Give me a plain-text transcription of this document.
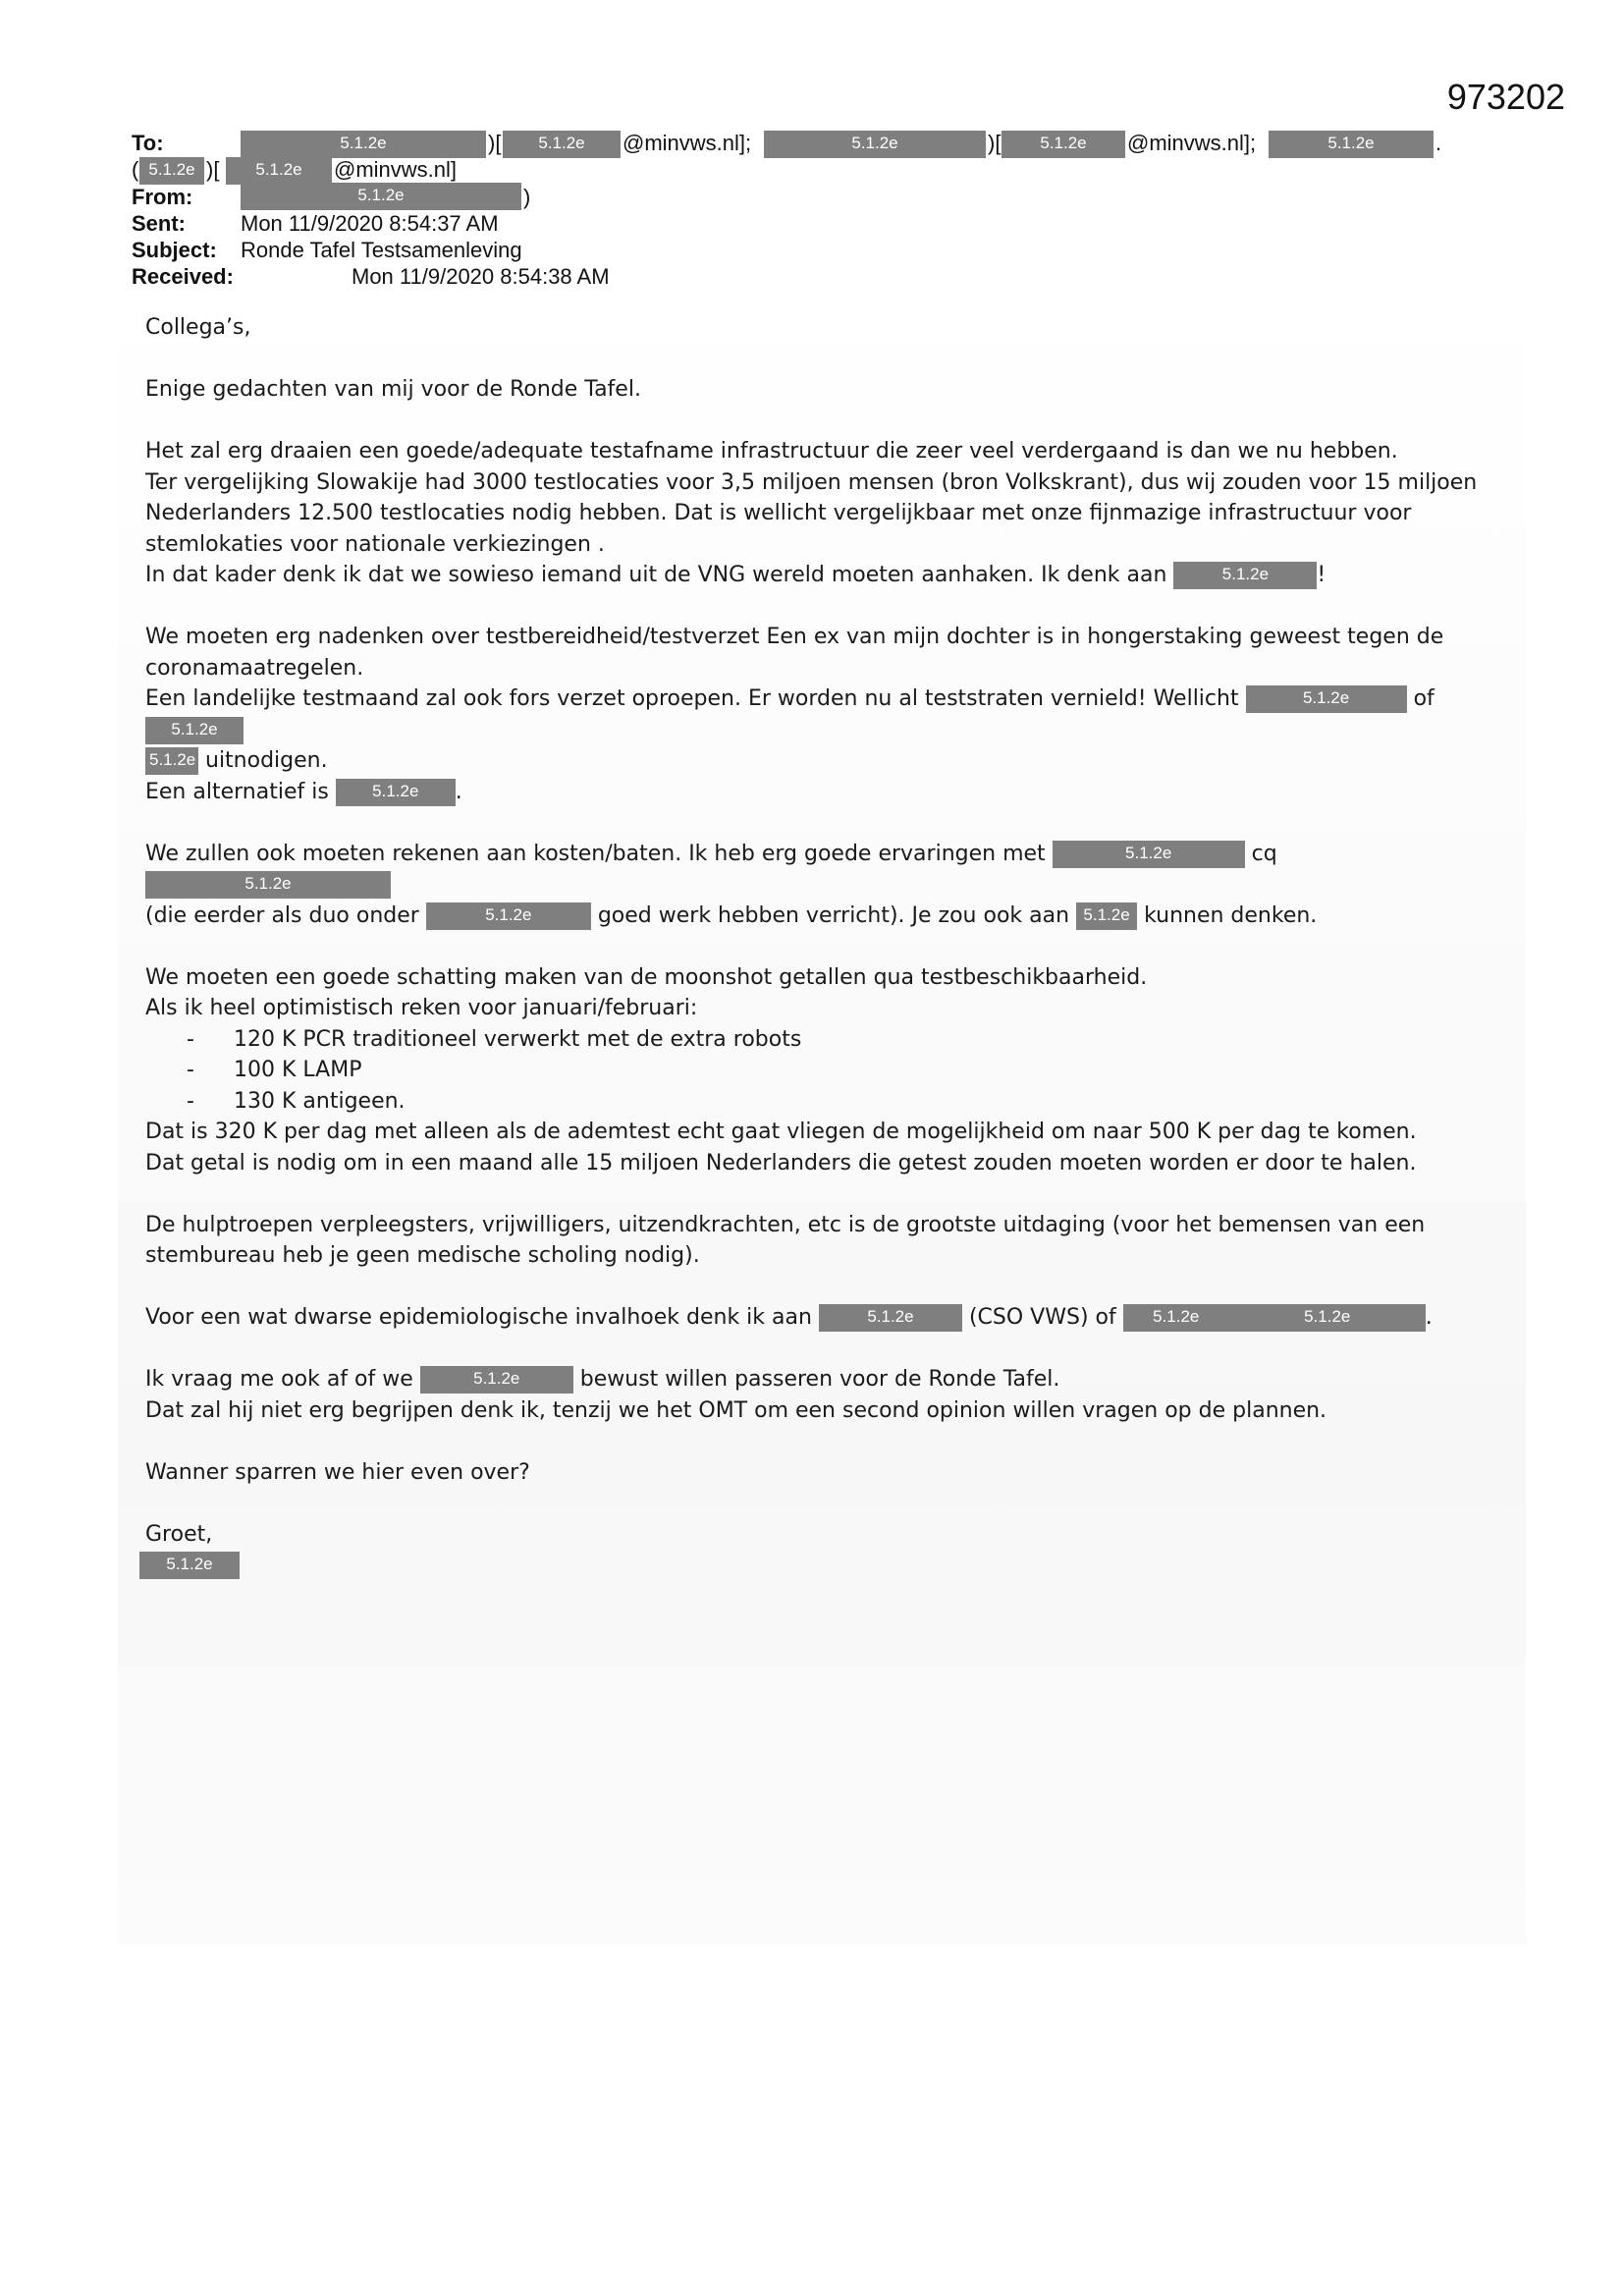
973202
To:	5.1.2e	)[	5.1.2e	@minvws.nl];	5.1.2e	)[	5.1.2e	@minvws.nl];	5.1.2e	.
( 5.1.2e )[	5.1.2e	@minvws.nl]
From:	5.1.2e	)
Sent:	Mon 11/9/2020 8:54:37 AM
Subject: Ronde Tafel Testsamenleving
Received:	Mon 11/9/2020 8:54:38 AM

Collega’s,

Enige gedachten van mij voor de Ronde Tafel.

Het zal erg draaien een goede/adequate testafname infrastructuur die zeer veel verdergaand is dan we nu hebben.
Ter vergelijking Slowakije had 3000 testlocaties voor 3,5 miljoen mensen (bron Volkskrant), dus wij zouden voor 15 miljoen Nederlanders 12.500 testlocaties nodig hebben. Dat is wellicht vergelijkbaar met onze fijnmazige infrastructuur voor stemlokaties voor nationale verkiezingen .
In dat kader denk ik dat we sowieso iemand uit de VNG wereld moeten aanhaken. Ik denk aan	5.1.2e !

We moeten erg nadenken over testbereidheid/testverzet Een ex van mijn dochter is in hongerstaking geweest tegen de coronamaatregelen.
Een landelijke testmaand zal ook fors verzet oproepen. Er worden nu al teststraten vernield! Wellicht	5.1.2e	of 5.1.2e
5.1.2e uitnodigen.
Een alternatief is	5.1.2e .

We zullen ook moeten rekenen aan kosten/baten. Ik heb erg goede ervaringen met	5.1.2e	cq 5.1.2e
(die eerder als duo onder	5.1.2e	goed werk hebben verricht). Je zou ook aan 5.1.2e kunnen denken.

We moeten een goede schatting maken van de moonshot getallen qua testbeschikbaarheid.
Als ik heel optimistisch reken voor januari/februari:
- 120 K PCR traditioneel verwerkt met de extra robots
- 100 K LAMP
- 130 K antigeen.
Dat is 320 K per dag met alleen als de ademtest echt gaat vliegen de mogelijkheid om naar 500 K per dag te komen.
Dat getal is nodig om in een maand alle 15 miljoen Nederlanders die getest zouden moeten worden er door te halen.

De hulptroepen verpleegsters, vrijwilligers, uitzendkrachten, etc is de grootste uitdaging (voor het bemensen van een stembureau heb je geen medische scholing nodig).

Voor een wat dwarse epidemiologische invalhoek denk ik aan	5.1.2e	(CSO VWS) of 5.1.2e	5.1.2e	.

Ik vraag me ook af of we	5.1.2e	bewust willen passeren voor de Ronde Tafel.
Dat zal hij niet erg begrijpen denk ik, tenzij we het OMT om een second opinion willen vragen op de plannen.

Wanner sparren we hier even over?

Groet,
5.1.2e
